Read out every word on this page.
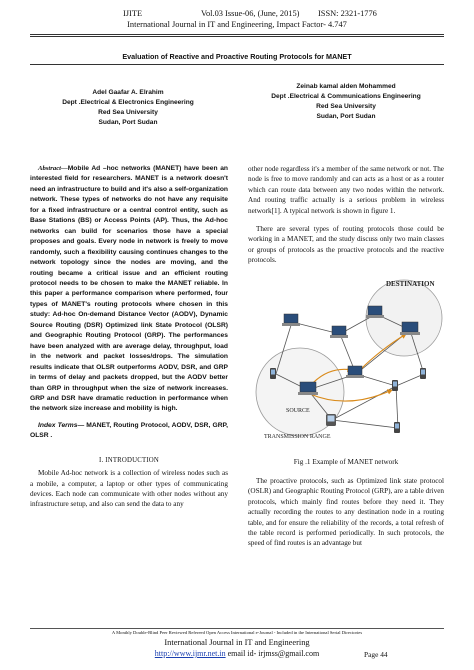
IJITE	Vol.03 Issue-06, (June, 2015) ISSN: 2321-1776
International Journal in IT and Engineering, Impact Factor- 4.747
Evaluation of Reactive and Proactive Routing Protocols for MANET
Adel Gaafar A. Elrahim
Dept .Electrical & Electronics Engineering
Red Sea University
Sudan, Port Sudan
Zeinab kamal alden Mohammed
Dept .Electrical & Communications Engineering
Red Sea University
Sudan, Port Sudan

Abstract—Mobile Ad –hoc networks (MANET) have been an interested field for researchers. MANET is a network doesn't need an infrastructure to build and it's also a self-organization network. These types of networks do not have any requisite for a fixed infrastructure or a central control entity, such as Base Stations (BS) or Access Points (AP). Thus, the Ad-hoc networks can build for scenarios those have a special proposes and goals. Every node in network is freely to move randomly, such a flexibility causing continues changes to the network topology since the nodes are moving, and the routing became a critical issue and an efficient routing protocol needs to be chosen to make the MANET reliable. In this paper a performance comparison where performed, four types of MANET's routing protocols where chosen in this study: Ad-hoc On-demand Distance Vector (AODV), Dynamic Source Routing (DSR) Optimized link State Protocol (OLSR) and Geographic Routing Protocol (GRP). The performances have been analyzed with are average delay, throughput, load in the network and packet losses/drops. The simulation results indicate that OLSR outperforms AODV, DSR, and GRP in terms of delay and packets dropped, but the AODV better than GRP in throughput when the size of network increases. GRP and DSR have dramatic reduction in performance when the network size increase and mobility is high.

Index Terms— MANET, Routing Protocol, AODV, DSR, GRP, OLSR .

I. INTRODUCTION

Mobile Ad-hoc network is a collection of wireless nodes such as a mobile, a computer, a laptop or other types of communicating devices. Each node can communicate with other nodes without any infrastructure setup, and also can send the data to any

other node regardless it's a member of the same network or not. The node is free to move randomly and can acts as a host or as a router which can route data between any two nodes within the network. And routing traffic actually is a serious problem in wireless network[1]. A typical network is shown in figure 1.

There are several types of routing protocols those could be working in a MANET, and the study discuss only two main classes or groups of protocols as the proactive protocols and the reactive protocols.

DESTINATION
SOURCE
TRANSMISSION RANGE
Fig .1 Example of MANET network

The proactive protocols, such as Optimized link state protocol (OSLR) and Geographic Routing Protocol (GRP), are a table driven protocols, which mainly find routes before they need it. They actually recording the routes to any destination node in a routing table, and for ensure the reliability of the records, a total refresh of the table record is performed periodically. In such protocols, the speed of find routes is an advantage but

A Monthly Double-Blind Peer Reviewed Refereed Open Access International e-Journal - Included in the International Serial Directories
International Journal in IT and Engineering
http://www.ijmr.net.in email id- irjmss@gmail.com	Page 44
